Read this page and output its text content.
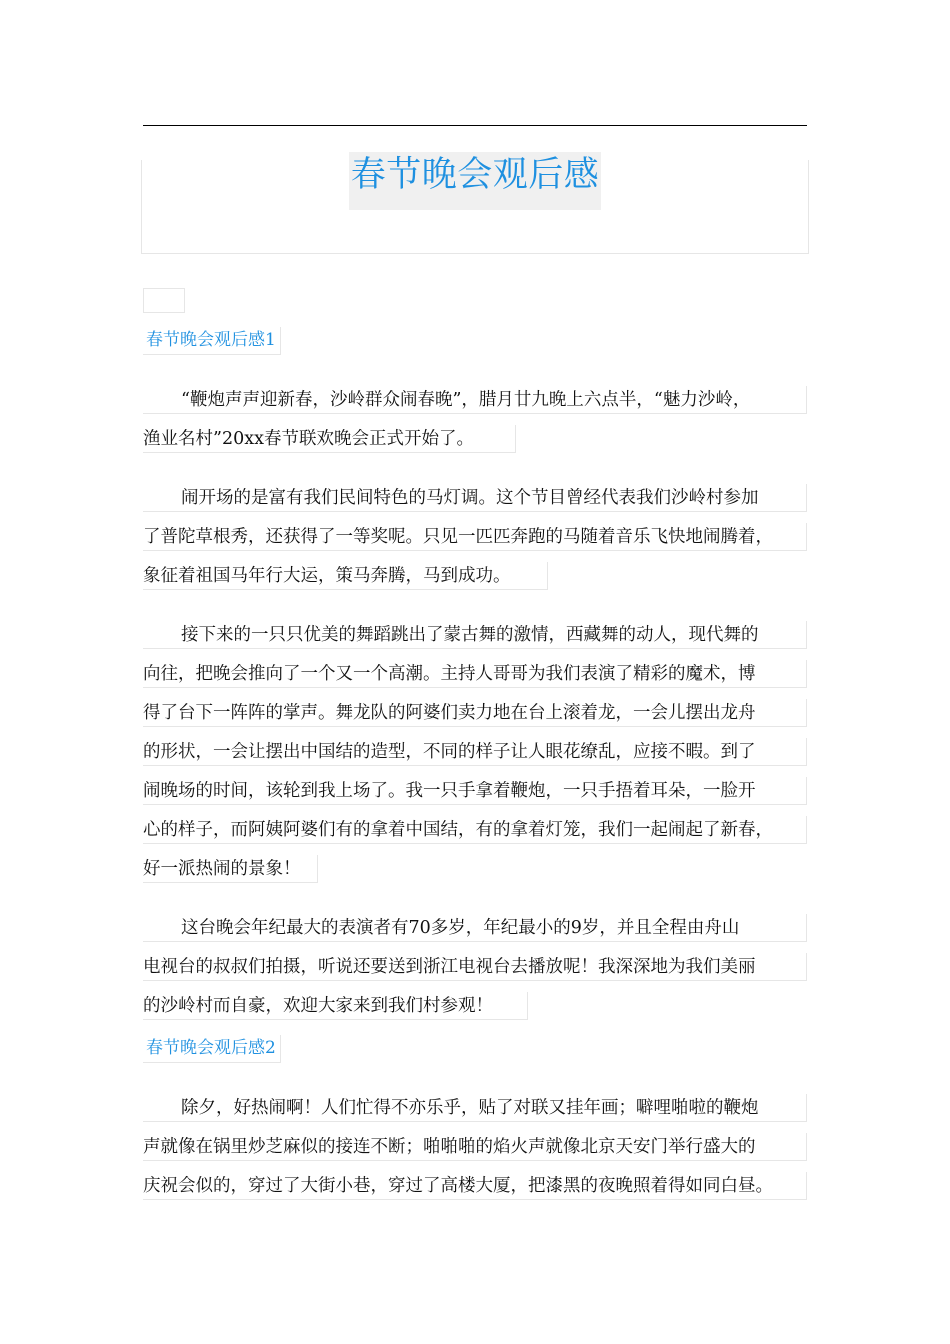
春节晚会观后感
春节晚会观后感1
“鞭炮声声迎新春，沙岭群众闹春晚”，腊月廿九晚上六点半，“魅力沙岭，
渔业名村”20xx春节联欢晚会正式开始了。
闹开场的是富有我们民间特色的马灯调。这个节目曾经代表我们沙岭村参加
了普陀草根秀，还获得了一等奖呢。只见一匹匹奔跑的马随着音乐飞快地闹腾着，
象征着祖国马年行大运，策马奔腾，马到成功。
接下来的一只只优美的舞蹈跳出了蒙古舞的激情，西藏舞的动人，现代舞的
向往，把晚会推向了一个又一个高潮。主持人哥哥为我们表演了精彩的魔术，博
得了台下一阵阵的掌声。舞龙队的阿婆们卖力地在台上滚着龙，一会儿摆出龙舟
的形状，一会让摆出中国结的造型，不同的样子让人眼花缭乱，应接不暇。到了
闹晚场的时间，该轮到我上场了。我一只手拿着鞭炮，一只手捂着耳朵，一脸开
心的样子，而阿姨阿婆们有的拿着中国结，有的拿着灯笼，我们一起闹起了新春，
好一派热闹的景象！
这台晚会年纪最大的表演者有70多岁，年纪最小的9岁，并且全程由舟山
电视台的叔叔们拍摄，听说还要送到浙江电视台去播放呢！我深深地为我们美丽
的沙岭村而自豪，欢迎大家来到我们村参观！
春节晚会观后感2
除夕，好热闹啊！人们忙得不亦乐乎，贴了对联又挂年画；噼哩啪啦的鞭炮
声就像在锅里炒芝麻似的接连不断；啪啪啪的焰火声就像北京天安门举行盛大的
庆祝会似的，穿过了大街小巷，穿过了高楼大厦，把漆黑的夜晚照着得如同白昼。
